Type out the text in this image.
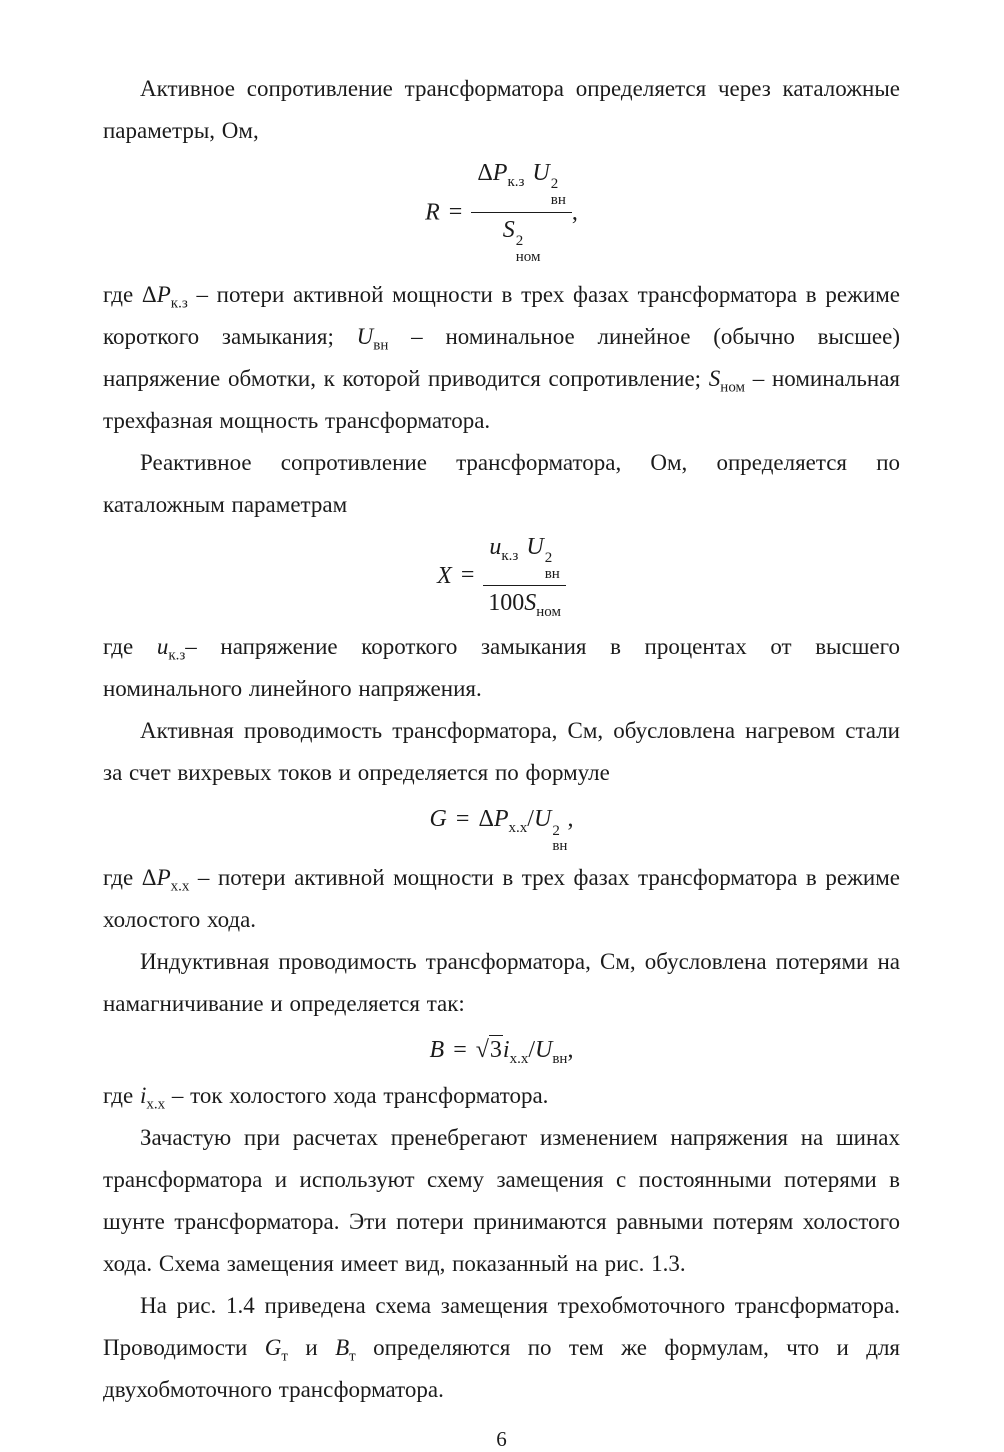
Активное сопротивление трансформатора определяется через каталожные параметры, Ом,

$R = \Delta P_{к.з}$ U 2
вн
S 2
ном ,

где $\Delta P_{к.з}$ – потери активной мощности в трех фазах трансформатора в режиме короткого замыкания; $U_{вн}$ – номинальное линейное (обычно высшее) напряжение обмотки, к которой приводится сопротивление; $S_{ном}$ – номинальная трехфазная мощность трансформатора.

Реактивное сопротивление трансформатора, Ом, определяется по каталожным параметрам

$X = u_{к.з}$ U 2
вн
$100S_{ном}$

где $u_{к.з}-$ напряжение короткого замыкания в процентах от высшего номинального линейного напряжения.

Активная проводимость трансформатора, См, обусловлена нагревом стали за счет вихревых токов и определяется по формуле

$G = \Delta P_{х.х}/U$ 2
вн
,

где $\Delta P_{х.х}$ – потери активной мощности в трех фазах трансформатора в режиме холостого хода.

Индуктивная проводимость трансформатора, См, обусловлена потерями на намагничивание и определяется так:

$B = √3i_{х.х}/U_{вн}$,

где $i_{х.х}$ – ток холостого хода трансформатора.

Зачастую при расчетах пренебрегают изменением напряжения на шинах трансформатора и используют схему замещения с постоянными потерями в шунте трансформатора. Эти потери принимаются равными потерям холостого хода. Схема замещения имеет вид, показанный на рис. 1.3.

На рис. 1.4 приведена схема замещения трехобмоточного трансформатора. Проводимости $G_т$ и $B_т$ определяются по тем же формулам, что и для двухобмоточного трансформатора.

6
